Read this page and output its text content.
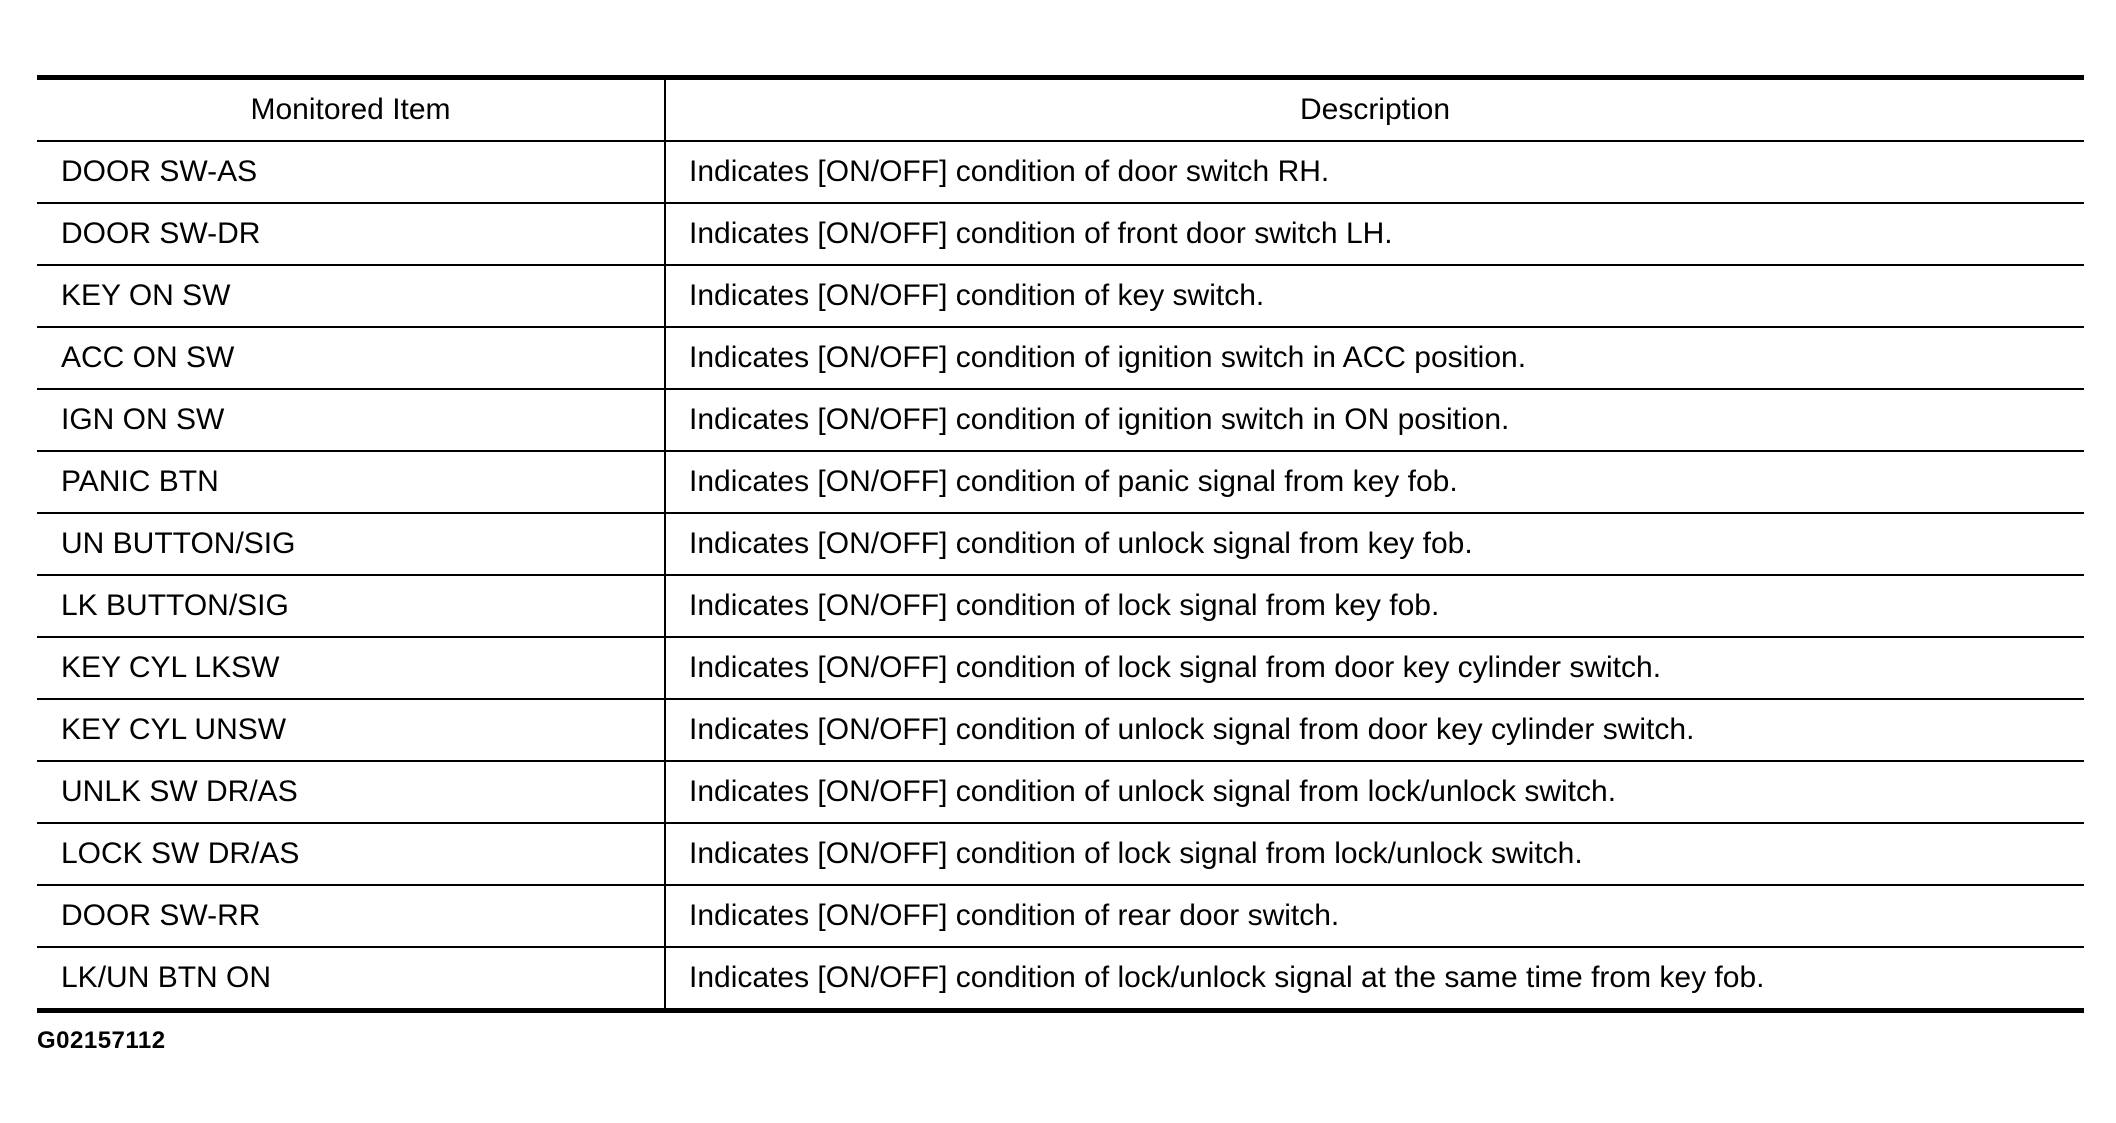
Monitored Item	Description
DOOR SW-AS	Indicates [ON/OFF] condition of door switch RH.
DOOR SW-DR	Indicates [ON/OFF] condition of front door switch LH.
KEY ON SW	Indicates [ON/OFF] condition of key switch.
ACC ON SW	Indicates [ON/OFF] condition of ignition switch in ACC position.
IGN ON SW	Indicates [ON/OFF] condition of ignition switch in ON position.
PANIC BTN	Indicates [ON/OFF] condition of panic signal from key fob.
UN BUTTON/SIG	Indicates [ON/OFF] condition of unlock signal from key fob.
LK BUTTON/SIG	Indicates [ON/OFF] condition of lock signal from key fob.
KEY CYL LKSW	Indicates [ON/OFF] condition of lock signal from door key cylinder switch.
KEY CYL UNSW	Indicates [ON/OFF] condition of unlock signal from door key cylinder switch.
UNLK SW DR/AS	Indicates [ON/OFF] condition of unlock signal from lock/unlock switch.
LOCK SW DR/AS	Indicates [ON/OFF] condition of lock signal from lock/unlock switch.
DOOR SW-RR	Indicates [ON/OFF] condition of rear door switch.
LK/UN BTN ON	Indicates [ON/OFF] condition of lock/unlock signal at the same time from key fob.
G02157112
